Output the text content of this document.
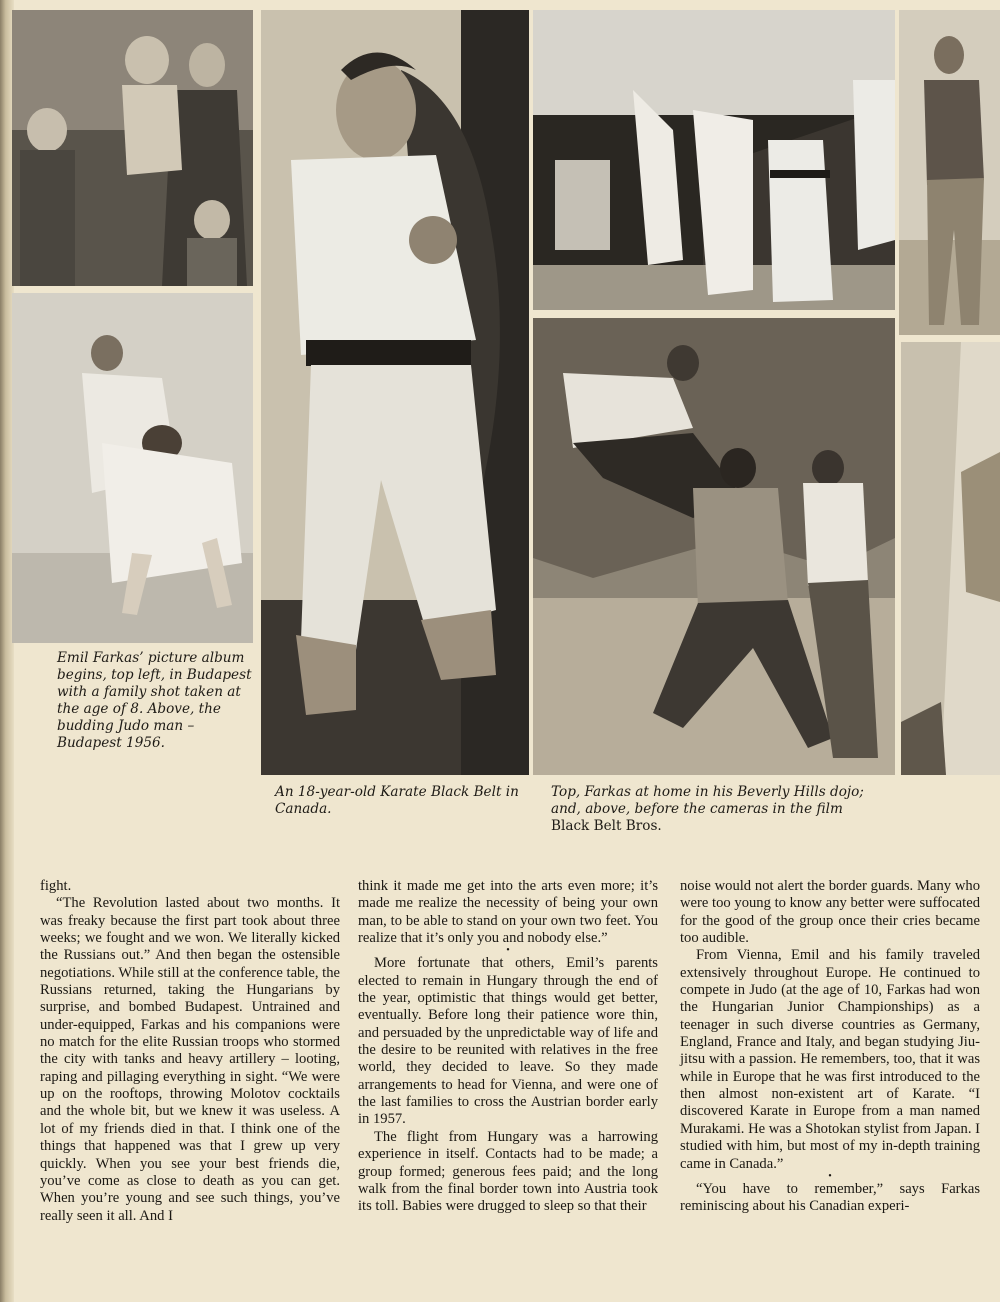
Emil Farkas’ picture album begins, top left, in Budapest with a family shot taken at the age of 8. Above, the budding Judo man – Budapest 1956.

An 18-year-old Karate Black Belt in Canada.

Top, Farkas at home in his Beverly Hills dojo; and, above, before the cameras in the film Black Belt Bros.

fight.

“The Revolution lasted about two months. It was freaky because the first part took about three weeks; we fought and we won. We literally kicked the Russians out.” And then began the ostensible negotiations. While still at the conference table, the Russians returned, taking the Hungarians by surprise, and bombed Budapest. Untrained and under-equipped, Farkas and his companions were no match for the elite Russian troops who stormed the city with tanks and heavy artillery – looting, raping and pillaging everything in sight. “We were up on the rooftops, throwing Molotov cocktails and the whole bit, but we knew it was useless. A lot of my friends died in that. I think one of the things that happened was that I grew up very quickly. When you see your best friends die, you’ve come as close to death as you can get. When you’re young and see such things, you’ve really seen it all. And I

think it made me get into the arts even more; it’s made me realize the necessity of being your own man, to be able to stand on your own two feet. You realize that it’s only you and nobody else.”

•

More fortunate that others, Emil’s parents elected to remain in Hungary through the end of the year, optimistic that things would get better, eventually. Before long their patience wore thin, and persuaded by the unpredictable way of life and the desire to be reunited with relatives in the free world, they decided to leave. So they made arrangements to head for Vienna, and were one of the last families to cross the Austrian border early in 1957.

The flight from Hungary was a harrowing experience in itself. Contacts had to be made; a group formed; generous fees paid; and the long walk from the final border town into Austria took its toll. Babies were drugged to sleep so that their

noise would not alert the border guards. Many who were too young to know any better were suffocated for the good of the group once their cries became too audible.

From Vienna, Emil and his family traveled extensively throughout Europe. He continued to compete in Judo (at the age of 10, Farkas had won the Hungarian Junior Championships) as a teenager in such diverse countries as Germany, England, France and Italy, and began studying Jiu-jitsu with a passion. He remembers, too, that it was while in Europe that he was first introduced to the then almost non-existent art of Karate. “I discovered Karate in Europe from a man named Murakami. He was a Shotokan stylist from Japan. I studied with him, but most of my in-depth training came in Canada.”

•

“You have to remember,” says Farkas reminiscing about his Canadian experi-
